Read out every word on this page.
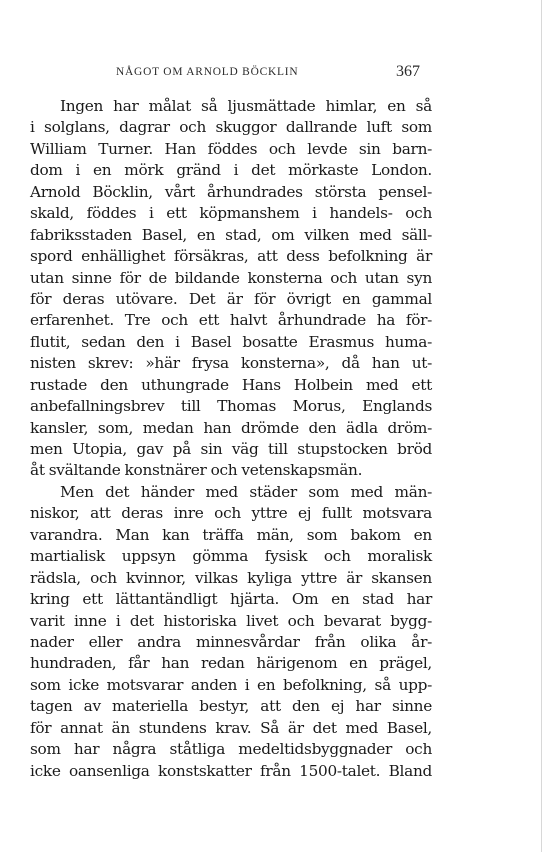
NÅGOT OM ARNOLD BÖCKLIN	367
Ingen har målat så ljusmättade himlar, en så
i solglans, dagrar och skuggor dallrande luft som
William Turner. Han föddes och levde sin barn-
dom i en mörk gränd i det mörkaste London.
Arnold Böcklin, vårt århundrades största pensel-
skald, föddes i ett köpmanshem i handels- och
fabriksstaden Basel, en stad, om vilken med säll-
spord enhällighet försäkras, att dess befolkning är
utan sinne för de bildande konsterna och utan syn
för deras utövare. Det är för övrigt en gammal
erfarenhet. Tre och ett halvt århundrade ha för-
flutit, sedan den i Basel bosatte Erasmus huma-
nisten skrev: »här frysa konsterna», då han ut-
rustade den uthungrade Hans Holbein med ett
anbefallningsbrev till Thomas Morus, Englands
kansler, som, medan han drömde den ädla dröm-
men Utopia, gav på sin väg till stupstocken bröd
åt svältande konstnärer och vetenskapsmän.
Men det händer med städer som med män-
niskor, att deras inre och yttre ej fullt motsvara
varandra. Man kan träffa män, som bakom en
martialisk uppsyn gömma fysisk och moralisk
rädsla, och kvinnor, vilkas kyliga yttre är skansen
kring ett lättantändligt hjärta. Om en stad har
varit inne i det historiska livet och bevarat bygg-
nader eller andra minnesvårdar från olika år-
hundraden, får han redan härigenom en prägel,
som icke motsvarar anden i en befolkning, så upp-
tagen av materiella bestyr, att den ej har sinne
för annat än stundens krav. Så är det med Basel,
som har några ståtliga medeltidsbyggnader och
icke oansenliga konstskatter från 1500-talet. Bland
